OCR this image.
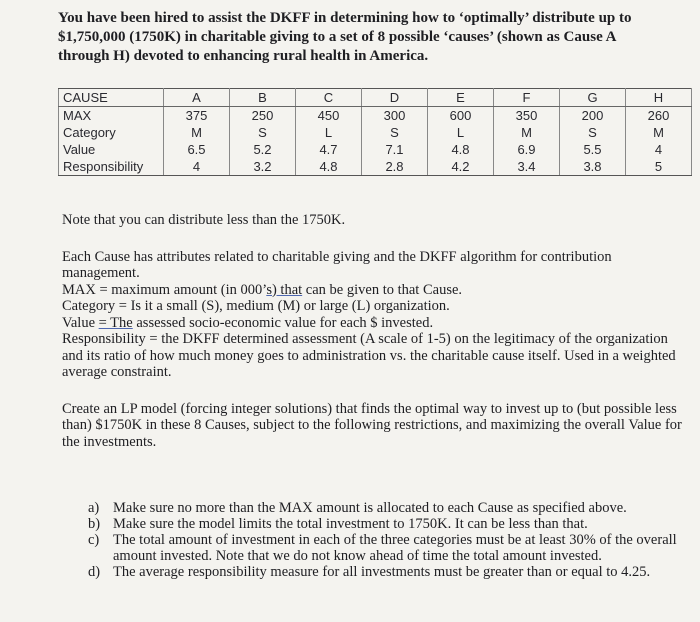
You have been hired to assist the DKFF in determining how to ‘optimally’ distribute up to $1,750,000 (1750K) in charitable giving to a set of 8 possible ‘causes’ (shown as Cause A through H) devoted to enhancing rural health in America.

CAUSE	A	B	C	D	E	F	G	H
MAX	375	250	450	300	600	350	200	260
Category	M	S	L	S	L	M	S	M
Value	6.5	5.2	4.7	7.1	4.8	6.9	5.5	4
Responsibility	4	3.2	4.8	2.8	4.2	3.4	3.8	5

Note that you can distribute less than the 1750K.

Each Cause has attributes related to charitable giving and the DKFF algorithm for contribution management.

MAX = maximum amount (in 000’s) that can be given to that Cause.

Category = Is it a small (S), medium (M) or large (L) organization.

Value = The assessed socio-economic value for each $ invested.

Responsibility = the DKFF determined assessment (A scale of 1-5) on the legitimacy of the organization and its ratio of how much money goes to administration vs. the charitable cause itself. Used in a weighted average constraint.

Create an LP model (forcing integer solutions) that finds the optimal way to invest up to (but possible less than) $1750K in these 8 Causes, subject to the following restrictions, and maximizing the overall Value for the investments.

a) Make sure no more than the MAX amount is allocated to each Cause as specified above.
b) Make sure the model limits the total investment to 1750K. It can be less than that.
c) The total amount of investment in each of the three categories must be at least 30% of the overall amount invested. Note that we do not know ahead of time the total amount invested.
d) The average responsibility measure for all investments must be greater than or equal to 4.25.
